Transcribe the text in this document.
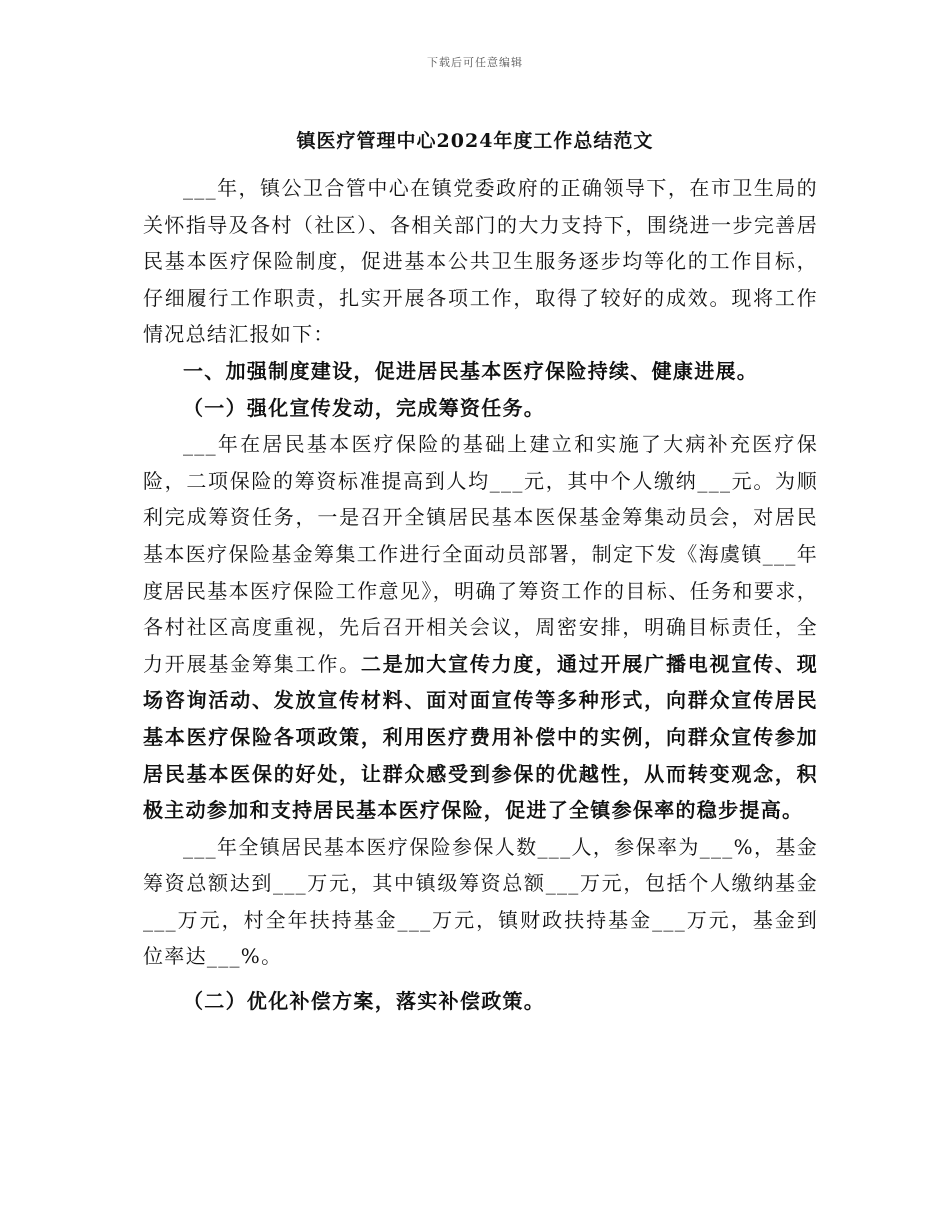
下载后可任意编辑
镇医疗管理中心2024年度工作总结范文

___年，镇公卫合管中心在镇党委政府的正确领导下，在市卫生局的关怀指导及各村（社区）、各相关部门的大力支持下，围绕进一步完善居民基本医疗保险制度，促进基本公共卫生服务逐步均等化的工作目标，仔细履行工作职责，扎实开展各项工作，取得了较好的成效。现将工作情况总结汇报如下：

一、加强制度建设，促进居民基本医疗保险持续、健康进展。

（一）强化宣传发动，完成筹资任务。

___年在居民基本医疗保险的基础上建立和实施了大病补充医疗保险，二项保险的筹资标准提高到人均___元，其中个人缴纳___元。为顺利完成筹资任务，一是召开全镇居民基本医保基金筹集动员会，对居民基本医疗保险基金筹集工作进行全面动员部署，制定下发《海虞镇___年度居民基本医疗保险工作意见》，明确了筹资工作的目标、任务和要求，各村社区高度重视，先后召开相关会议，周密安排，明确目标责任，全力开展基金筹集工作。二是加大宣传力度，通过开展广播电视宣传、现场咨询活动、发放宣传材料、面对面宣传等多种形式，向群众宣传居民基本医疗保险各项政策，利用医疗费用补偿中的实例，向群众宣传参加居民基本医保的好处，让群众感受到参保的优越性，从而转变观念，积极主动参加和支持居民基本医疗保险，促进了全镇参保率的稳步提高。

___年全镇居民基本医疗保险参保人数___人，参保率为___%，基金筹资总额达到___万元，其中镇级筹资总额___万元，包括个人缴纳基金___万元，村全年扶持基金___万元，镇财政扶持基金___万元，基金到位率达___%。

（二）优化补偿方案，落实补偿政策。
